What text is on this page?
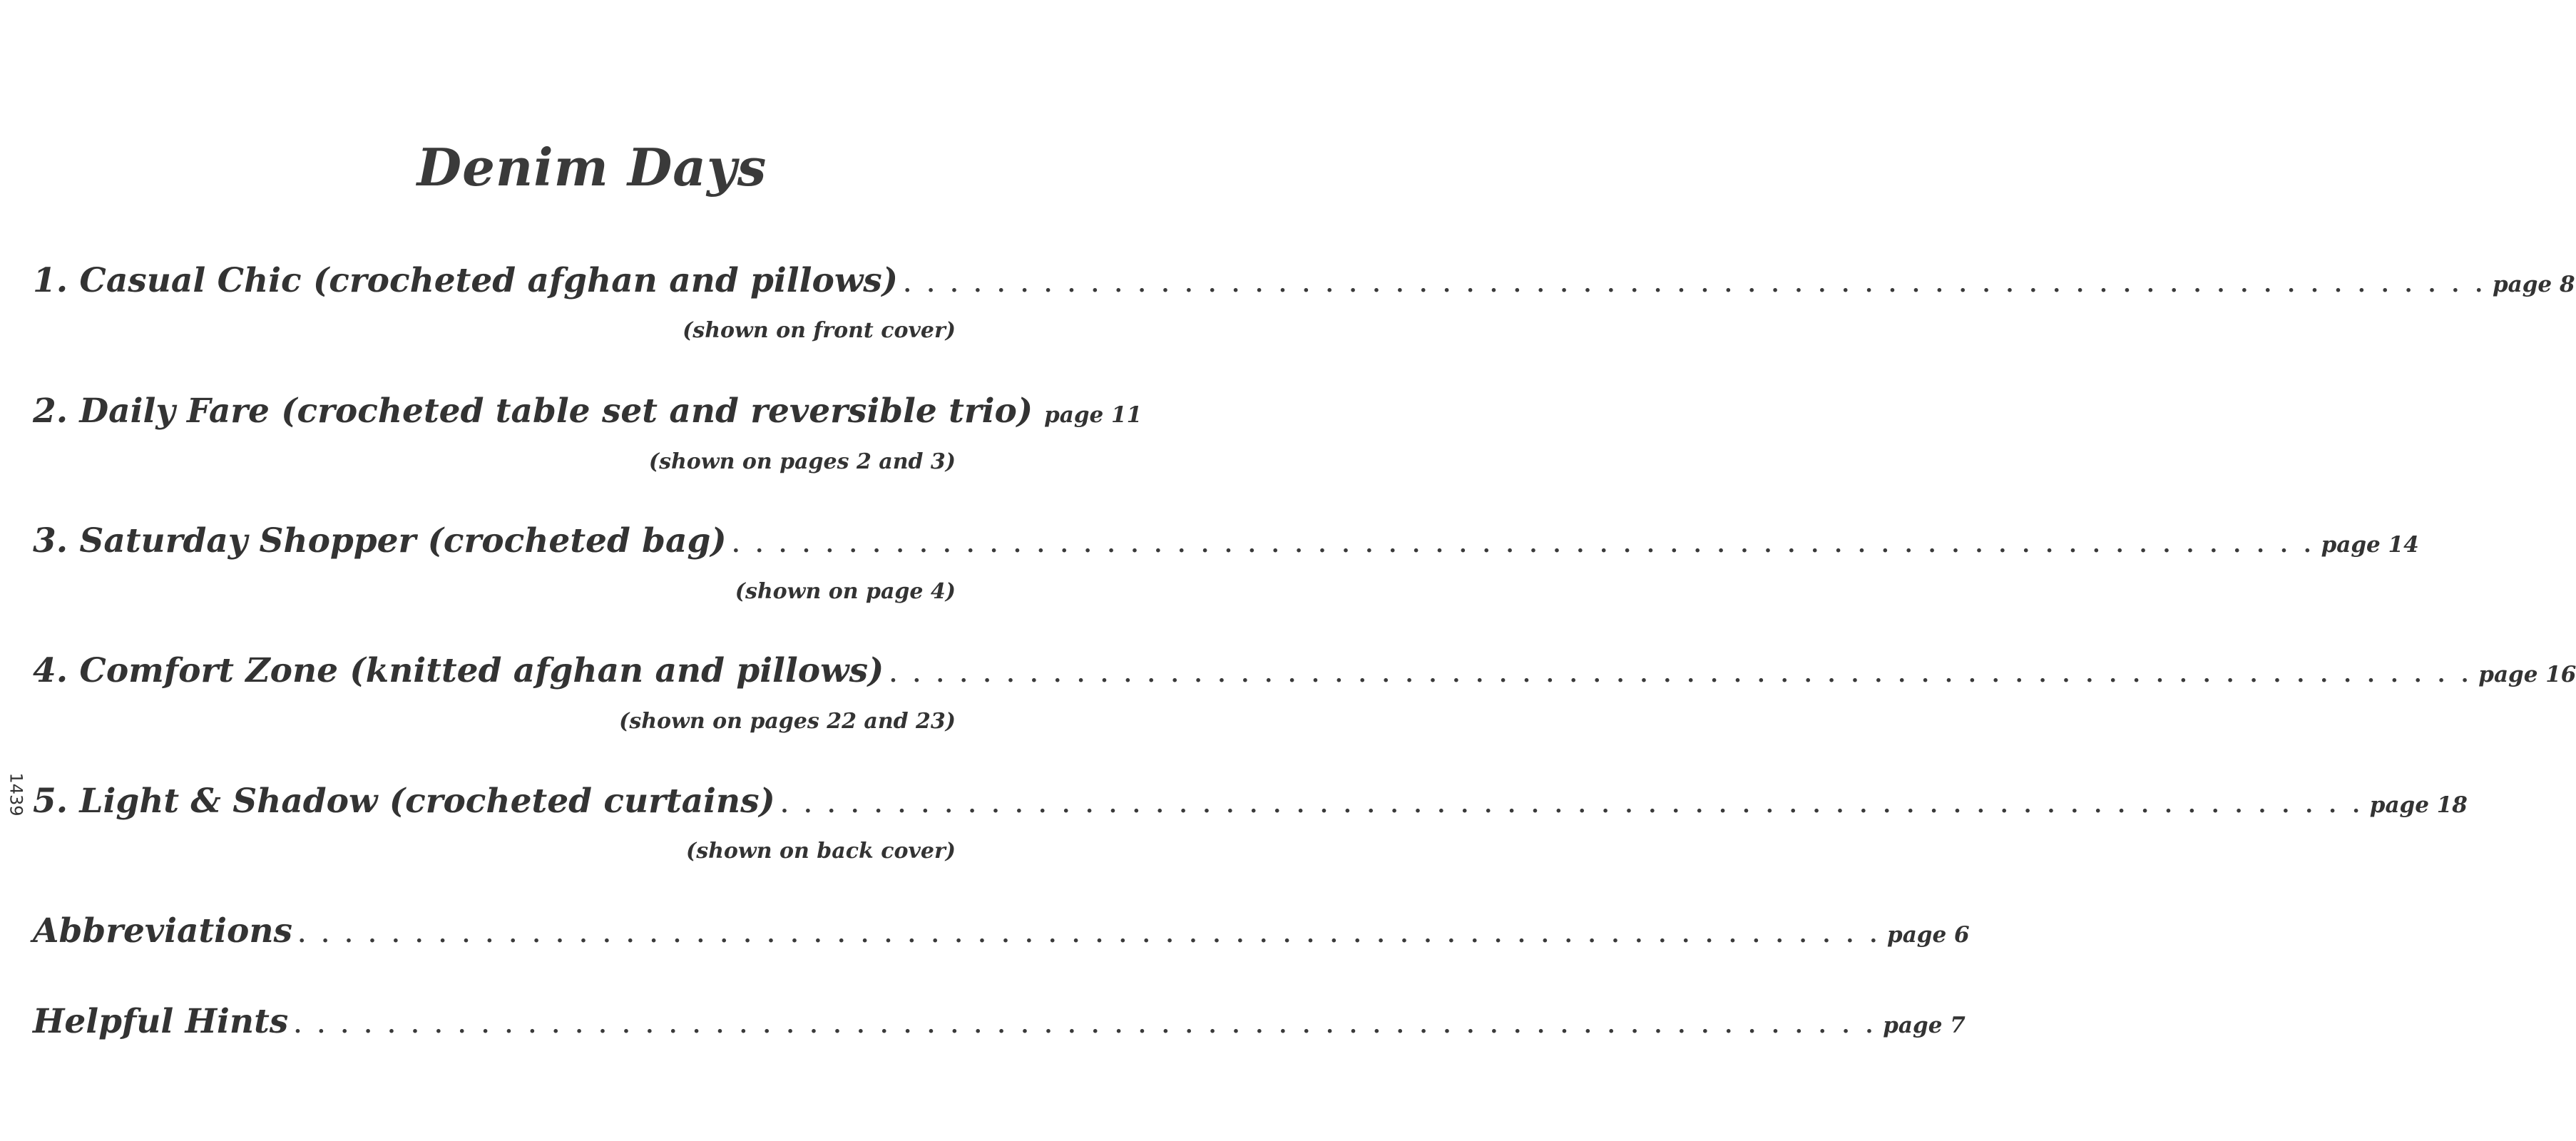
Denim Days
1. Casual Chic (crocheted afghan and pillows) . . . . . . . . . . . . . . . . . . . . . . . . . . . . . . . . . . . . . . . . . . . . . . . . . . . . . . . . . . . . . . . . . . . . page 8
(shown on front cover)
2. Daily Fare (crocheted table set and reversible trio) page 11
(shown on pages 2 and 3)
3. Saturday Shopper (crocheted bag) . . . . . . . . . . . . . . . . . . . . . . . . . . . . . . . . . . . . . . . . . . . . . . . . . . . . . . . . . . . . . . . . . . . . page 14
(shown on page 4)
4. Comfort Zone (knitted afghan and pillows) . . . . . . . . . . . . . . . . . . . . . . . . . . . . . . . . . . . . . . . . . . . . . . . . . . . . . . . . . . . . . . . . . . . . page 16
(shown on pages 22 and 23)
5. Light & Shadow (crocheted curtains) . . . . . . . . . . . . . . . . . . . . . . . . . . . . . . . . . . . . . . . . . . . . . . . . . . . . . . . . . . . . . . . . . . . . page 18
(shown on back cover)
Abbreviations . . . . . . . . . . . . . . . . . . . . . . . . . . . . . . . . . . . . . . . . . . . . . . . . . . . . . . . . . . . . . . . . . . . . page 6
Helpful Hints . . . . . . . . . . . . . . . . . . . . . . . . . . . . . . . . . . . . . . . . . . . . . . . . . . . . . . . . . . . . . . . . . . . . page 7
1439
